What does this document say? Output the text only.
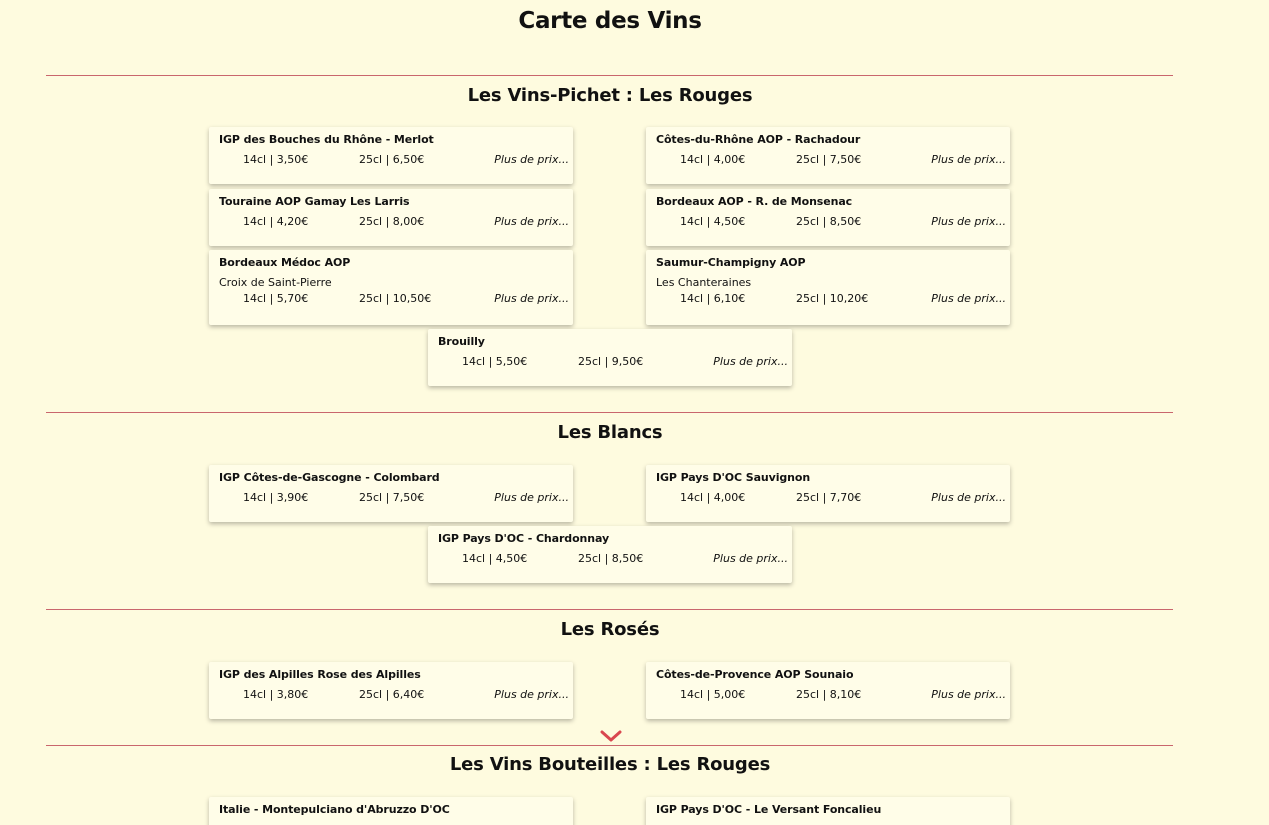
Carte des Vins
Les Vins-Pichet : Les Rouges
IGP des Bouches du Rhône - Merlot
14cl | 3,50€	25cl | 6,50€	Plus de prix...
Côtes-du-Rhône AOP - Rachadour
14cl | 4,00€	25cl | 7,50€	Plus de prix...
Touraine AOP Gamay Les Larris
14cl | 4,20€	25cl | 8,00€	Plus de prix...
Bordeaux AOP - R. de Monsenac
14cl | 4,50€	25cl | 8,50€	Plus de prix...
Bordeaux Médoc AOP
Croix de Saint-Pierre
14cl | 5,70€	25cl | 10,50€	Plus de prix...
Saumur-Champigny AOP
Les Chanteraines
14cl | 6,10€	25cl | 10,20€	Plus de prix...
Brouilly
14cl | 5,50€	25cl | 9,50€	Plus de prix...
Les Blancs
IGP Côtes-de-Gascogne - Colombard
14cl | 3,90€	25cl | 7,50€	Plus de prix...
IGP Pays D'OC Sauvignon
14cl | 4,00€	25cl | 7,70€	Plus de prix...
IGP Pays D'OC - Chardonnay
14cl | 4,50€	25cl | 8,50€	Plus de prix...
Les Rosés
IGP des Alpilles Rose des Alpilles
14cl | 3,80€	25cl | 6,40€	Plus de prix...
Côtes-de-Provence AOP Sounaio
14cl | 5,00€	25cl | 8,10€	Plus de prix...
Les Vins Bouteilles : Les Rouges
Italie - Montepulciano d'Abruzzo D'OC	IGP Pays D'OC - Le Versant Foncalieu
